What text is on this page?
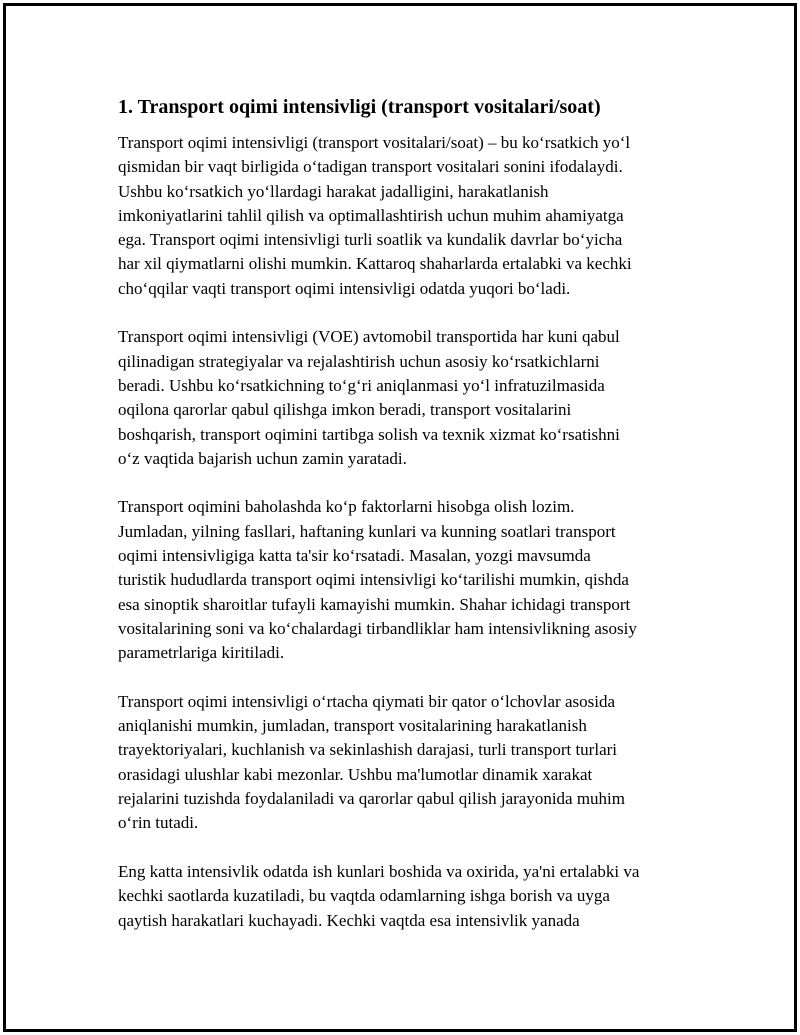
1. Transport oqimi intensivligi (transport vositalari/soat)

Transport oqimi intensivligi (transport vositalari/soat) – bu koʻrsatkich yoʻl
qismidan bir vaqt birligida oʻtadigan transport vositalari sonini ifodalaydi.
Ushbu koʻrsatkich yoʻllardagi harakat jadalligini, harakatlanish
imkoniyatlarini tahlil qilish va optimallashtirish uchun muhim ahamiyatga
ega. Transport oqimi intensivligi turli soatlik va kundalik davrlar boʻyicha
har xil qiymatlarni olishi mumkin. Kattaroq shaharlarda ertalabki va kechki
choʻqqilar vaqti transport oqimi intensivligi odatda yuqori boʻladi.

Transport oqimi intensivligi (VOE) avtomobil transportida har kuni qabul
qilinadigan strategiyalar va rejalashtirish uchun asosiy koʻrsatkichlarni
beradi. Ushbu koʻrsatkichning toʻgʻri aniqlanmasi yoʻl infratuzilmasida
oqilona qarorlar qabul qilishga imkon beradi, transport vositalarini
boshqarish, transport oqimini tartibga solish va texnik xizmat koʻrsatishni
oʻz vaqtida bajarish uchun zamin yaratadi.

Transport oqimini baholashda koʻp faktorlarni hisobga olish lozim.
Jumladan, yilning fasllari, haftaning kunlari va kunning soatlari transport
oqimi intensivligiga katta ta'sir koʻrsatadi. Masalan, yozgi mavsumda
turistik hududlarda transport oqimi intensivligi koʻtarilishi mumkin, qishda
esa sinoptik sharoitlar tufayli kamayishi mumkin. Shahar ichidagi transport
vositalarining soni va koʻchalardagi tirbandliklar ham intensivlikning asosiy
parametrlariga kiritiladi.

Transport oqimi intensivligi oʻrtacha qiymati bir qator oʻlchovlar asosida
aniqlanishi mumkin, jumladan, transport vositalarining harakatlanish
trayektoriyalari, kuchlanish va sekinlashish darajasi, turli transport turlari
orasidagi ulushlar kabi mezonlar. Ushbu ma'lumotlar dinamik xarakat
rejalarini tuzishda foydalaniladi va qarorlar qabul qilish jarayonida muhim
oʻrin tutadi.

Eng katta intensivlik odatda ish kunlari boshida va oxirida, ya'ni ertalabki va
kechki saotlarda kuzatiladi, bu vaqtda odamlarning ishga borish va uyga
qaytish harakatlari kuchayadi. Kechki vaqtda esa intensivlik yanada
